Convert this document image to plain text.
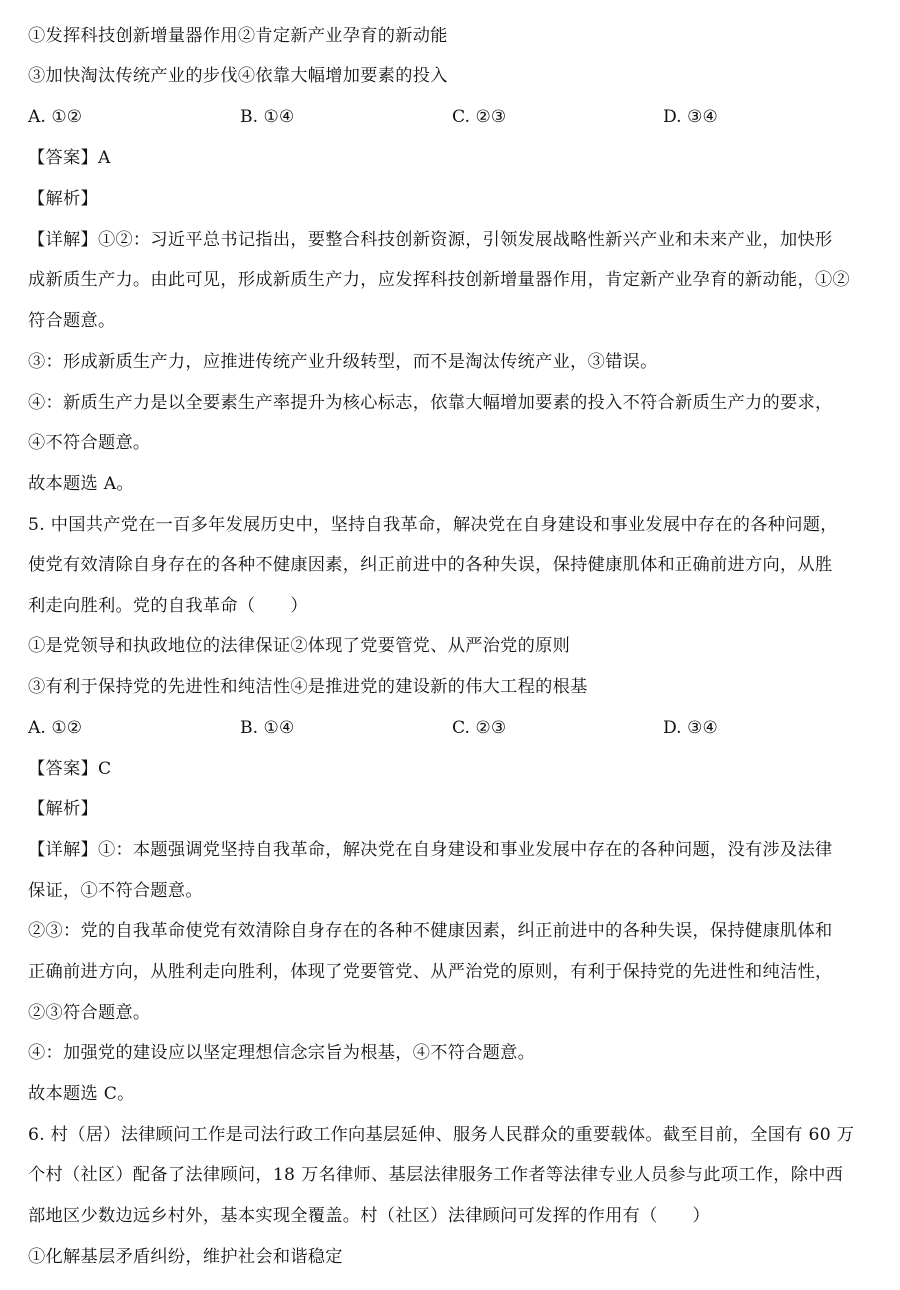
①发挥科技创新增量器作用②肯定新产业孕育的新动能
③加快淘汰传统产业的步伐④依靠大幅增加要素的投入
A. ①②	B. ①④	C. ②③	D. ③④
【答案】A
【解析】
【详解】①②：习近平总书记指出，要整合科技创新资源，引领发展战略性新兴产业和未来产业，加快形
成新质生产力。由此可见，形成新质生产力，应发挥科技创新增量器作用，肯定新产业孕育的新动能，①②
符合题意。
③：形成新质生产力，应推进传统产业升级转型，而不是淘汰传统产业，③错误。
④：新质生产力是以全要素生产率提升为核心标志，依靠大幅增加要素的投入不符合新质生产力的要求，
④不符合题意。
故本题选 A。
5. 中国共产党在一百多年发展历史中，坚持自我革命，解决党在自身建设和事业发展中存在的各种问题，
使党有效清除自身存在的各种不健康因素，纠正前进中的各种失误，保持健康肌体和正确前进方向，从胜
利走向胜利。党的自我革命（　　）
①是党领导和执政地位的法律保证②体现了党要管党、从严治党的原则
③有利于保持党的先进性和纯洁性④是推进党的建设新的伟大工程的根基
A. ①②	B. ①④	C. ②③	D. ③④
【答案】C
【解析】
【详解】①：本题强调党坚持自我革命，解决党在自身建设和事业发展中存在的各种问题，没有涉及法律
保证，①不符合题意。
②③：党的自我革命使党有效清除自身存在的各种不健康因素，纠正前进中的各种失误，保持健康肌体和
正确前进方向，从胜利走向胜利，体现了党要管党、从严治党的原则，有利于保持党的先进性和纯洁性，
②③符合题意。
④：加强党的建设应以坚定理想信念宗旨为根基，④不符合题意。
故本题选 C。
6. 村（居）法律顾问工作是司法行政工作向基层延伸、服务人民群众的重要载体。截至目前，全国有 60 万
个村（社区）配备了法律顾问，18 万名律师、基层法律服务工作者等法律专业人员参与此项工作，除中西
部地区少数边远乡村外，基本实现全覆盖。村（社区）法律顾问可发挥的作用有（　　）
①化解基层矛盾纠纷，维护社会和谐稳定
